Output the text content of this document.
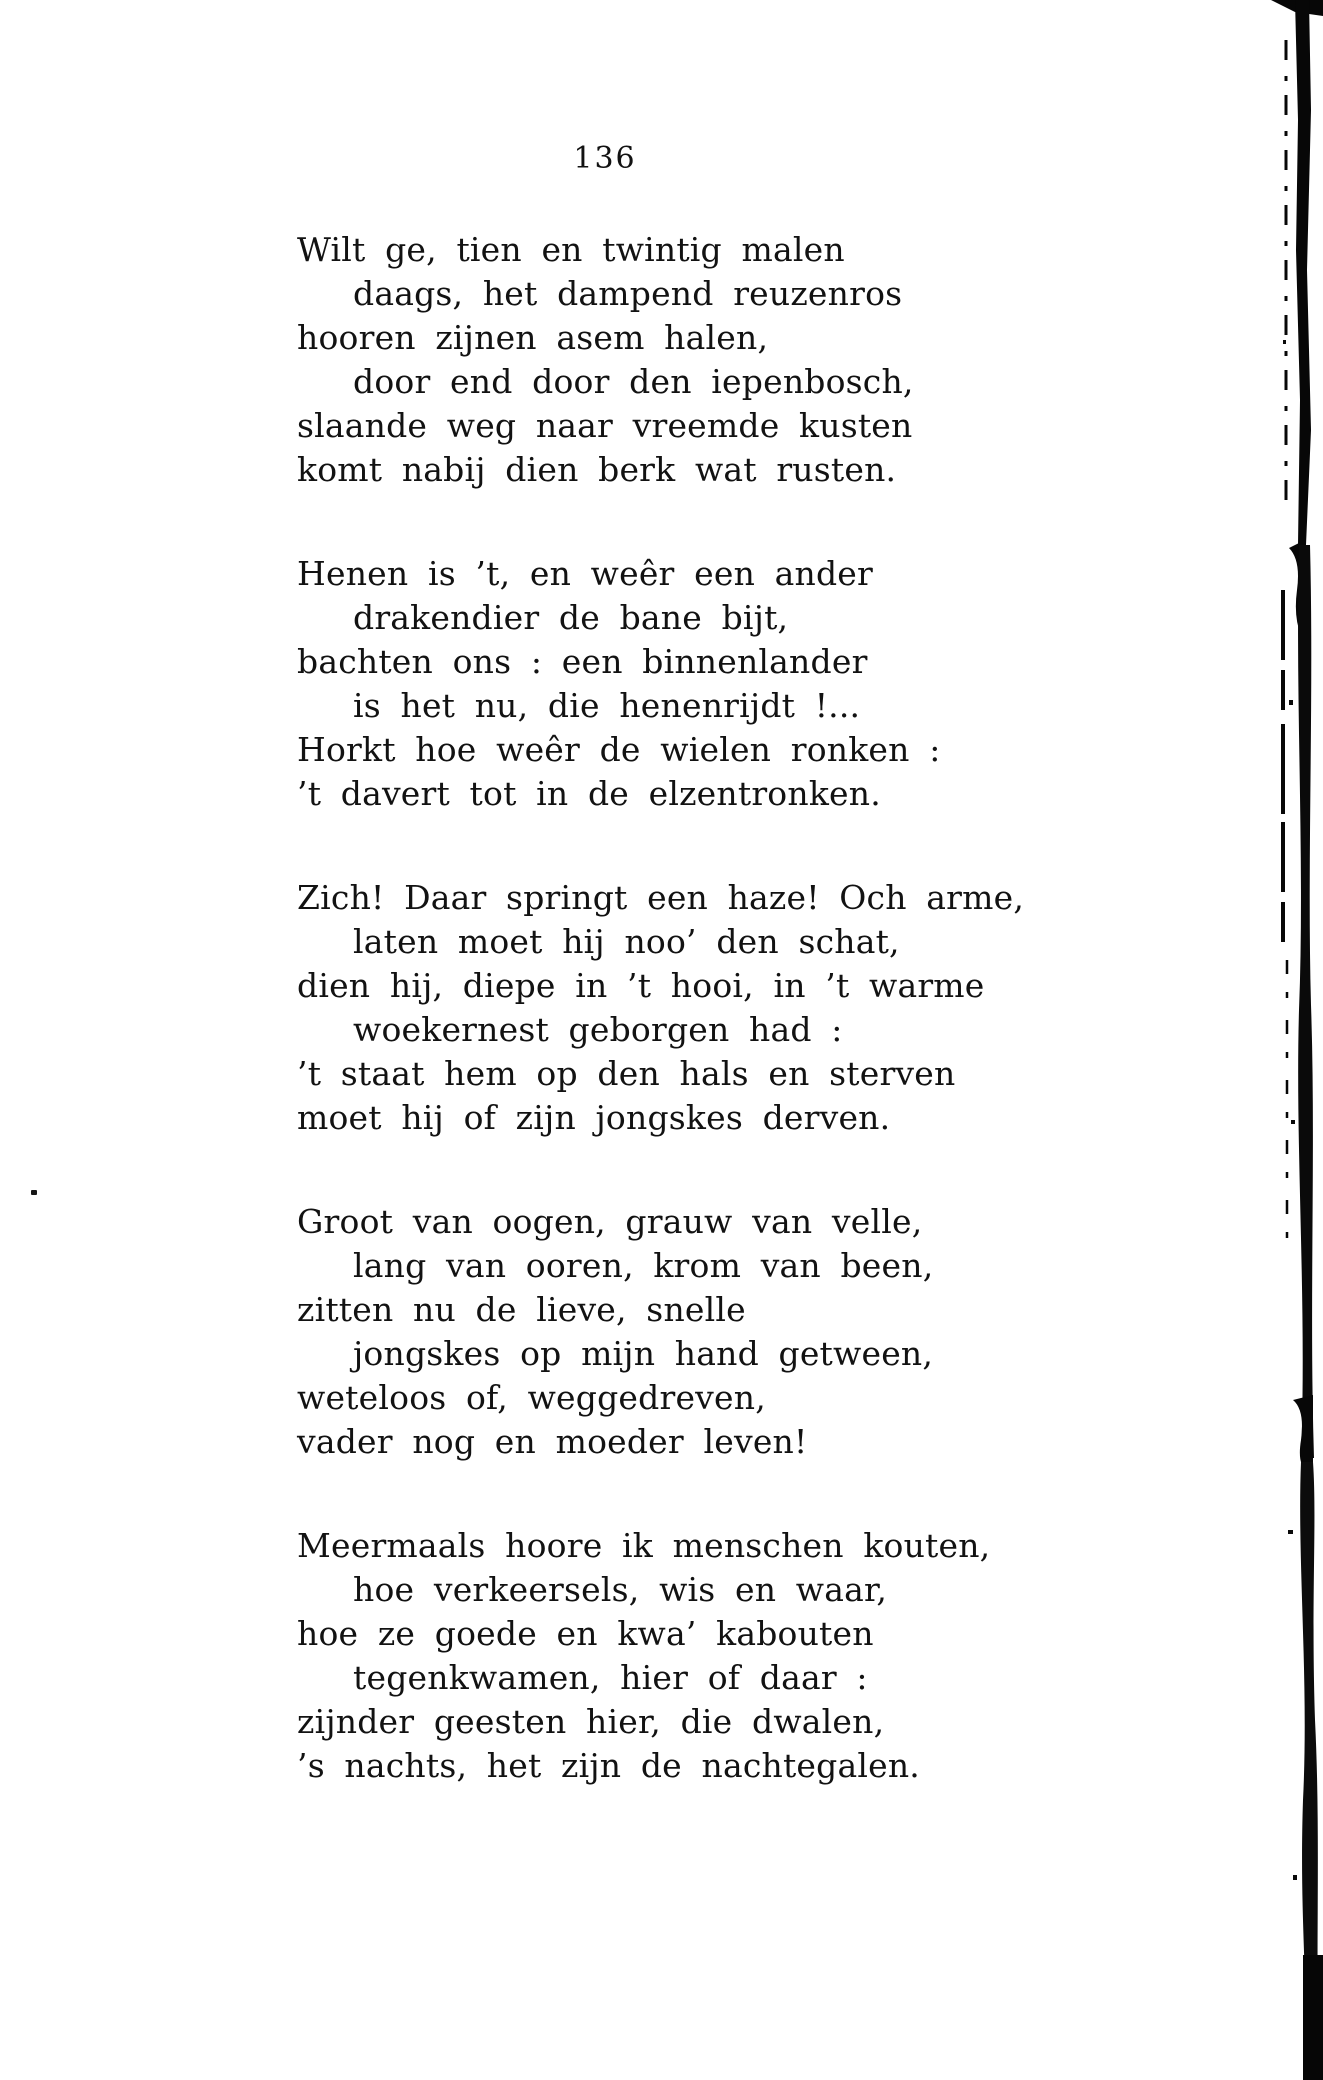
136

Wilt ge, tien en twintig malen

daags, het dampend reuzenros

hooren zijnen asem halen,

door end door den iepenbosch,

slaande weg naar vreemde kusten

komt nabij dien berk wat rusten.

Henen is ’t, en weêr een ander

drakendier de bane bijt,

bachten ons : een binnenlander

is het nu, die henenrijdt !...

Horkt hoe weêr de wielen ronken :

’t davert tot in de elzentronken.

Zich! Daar springt een haze! Och arme,

laten moet hij noo’ den schat,

dien hij, diepe in ’t hooi, in ’t warme

woekernest geborgen had :

’t staat hem op den hals en sterven

moet hij of zijn jongskes derven.

Groot van oogen, grauw van velle,

lang van ooren, krom van been,

zitten nu de lieve, snelle

jongskes op mijn hand getween,

weteloos of, weggedreven,

vader nog en moeder leven!

Meermaals hoore ik menschen kouten,

hoe verkeersels, wis en waar,

hoe ze goede en kwa’ kabouten

tegenkwamen, hier of daar :

zijnder geesten hier, die dwalen,

’s nachts, het zijn de nachtegalen.
